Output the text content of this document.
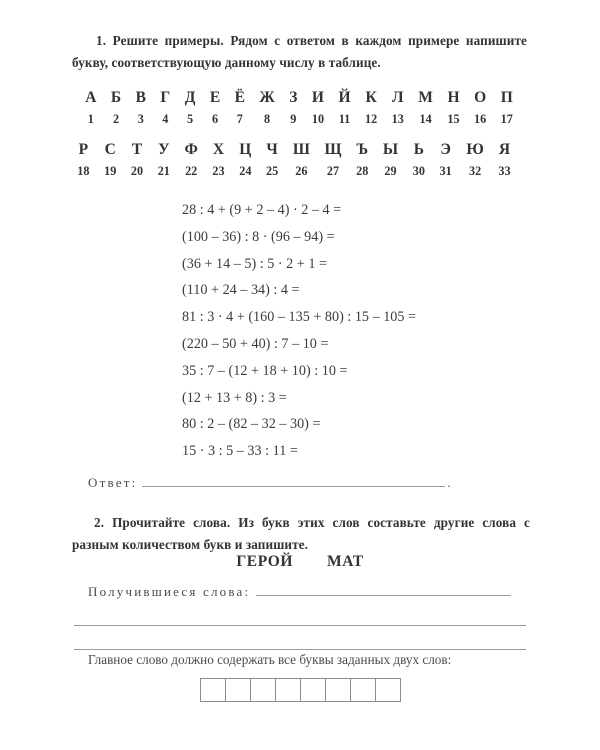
1. Решите примеры. Рядом с ответом в каждом примере напишите букву, соответствующую данному числу в таблице.
А
1
Б
2
В
3
Г
4
Д
5
Е
6
Ё
7
Ж
8
З
9
И
10
Й
11
К
12
Л
13
М
14
Н
15
О
16
П
17
Р
18
С
19
Т
20
У
21
Ф
22
Х
23
Ц
24
Ч
25
Ш
26
Щ
27
Ъ
28
Ы
29
Ь
30
Э
31
Ю
32
Я
33
28 : 4 + (9 + 2 – 4) · 2 – 4 =
(100 – 36) : 8 · (96 – 94) =
(36 + 14 – 5) : 5 · 2 + 1 =
(110 + 24 – 34) : 4 =
81 : 3 · 4 + (160 – 135 + 80) : 15 – 105 =
(220 – 50 + 40) : 7 – 10 =
35 : 7 – (12 + 18 + 10) : 10 =
(12 + 13 + 8) : 3 =
80 : 2 – (82 – 32 – 30) =
15 · 3 : 5 – 33 : 11 =
Ответ:	.
2. Прочитайте слова. Из букв этих слов составьте другие слова с разным количеством букв и запишите.
ГЕРОЙ МАТ
Получившиеся слова:
Главное слово должно содержать все буквы заданных двух слов:
